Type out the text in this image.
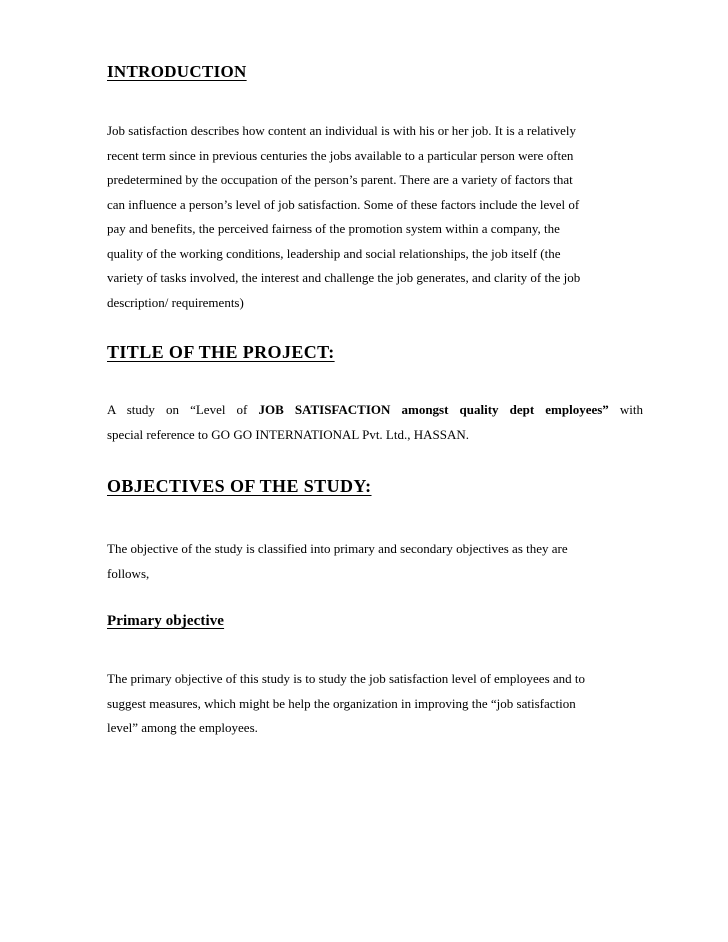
INTRODUCTION
Job satisfaction describes how content an individual is with his or her job. It is a relatively
recent term since in previous centuries the jobs available to a particular person were often
predetermined by the occupation of the person’s parent. There are a variety of factors that
can influence a person’s level of job satisfaction. Some of these factors include the level of
pay and benefits, the perceived fairness of the promotion system within a company, the
quality of the working conditions, leadership and social relationships, the job itself (the
variety of tasks involved, the interest and challenge the job generates, and clarity of the job
description/ requirements)
TITLE OF THE PROJECT:
A study on “Level of JOB SATISFACTION amongst quality dept employees” with
special reference to GO GO INTERNATIONAL Pvt. Ltd., HASSAN.
OBJECTIVES OF THE STUDY:
The objective of the study is classified into primary and secondary objectives as they are
follows,
Primary objective
The primary objective of this study is to study the job satisfaction level of employees and to
suggest measures, which might be help the organization in improving the “job satisfaction
level” among the employees.
